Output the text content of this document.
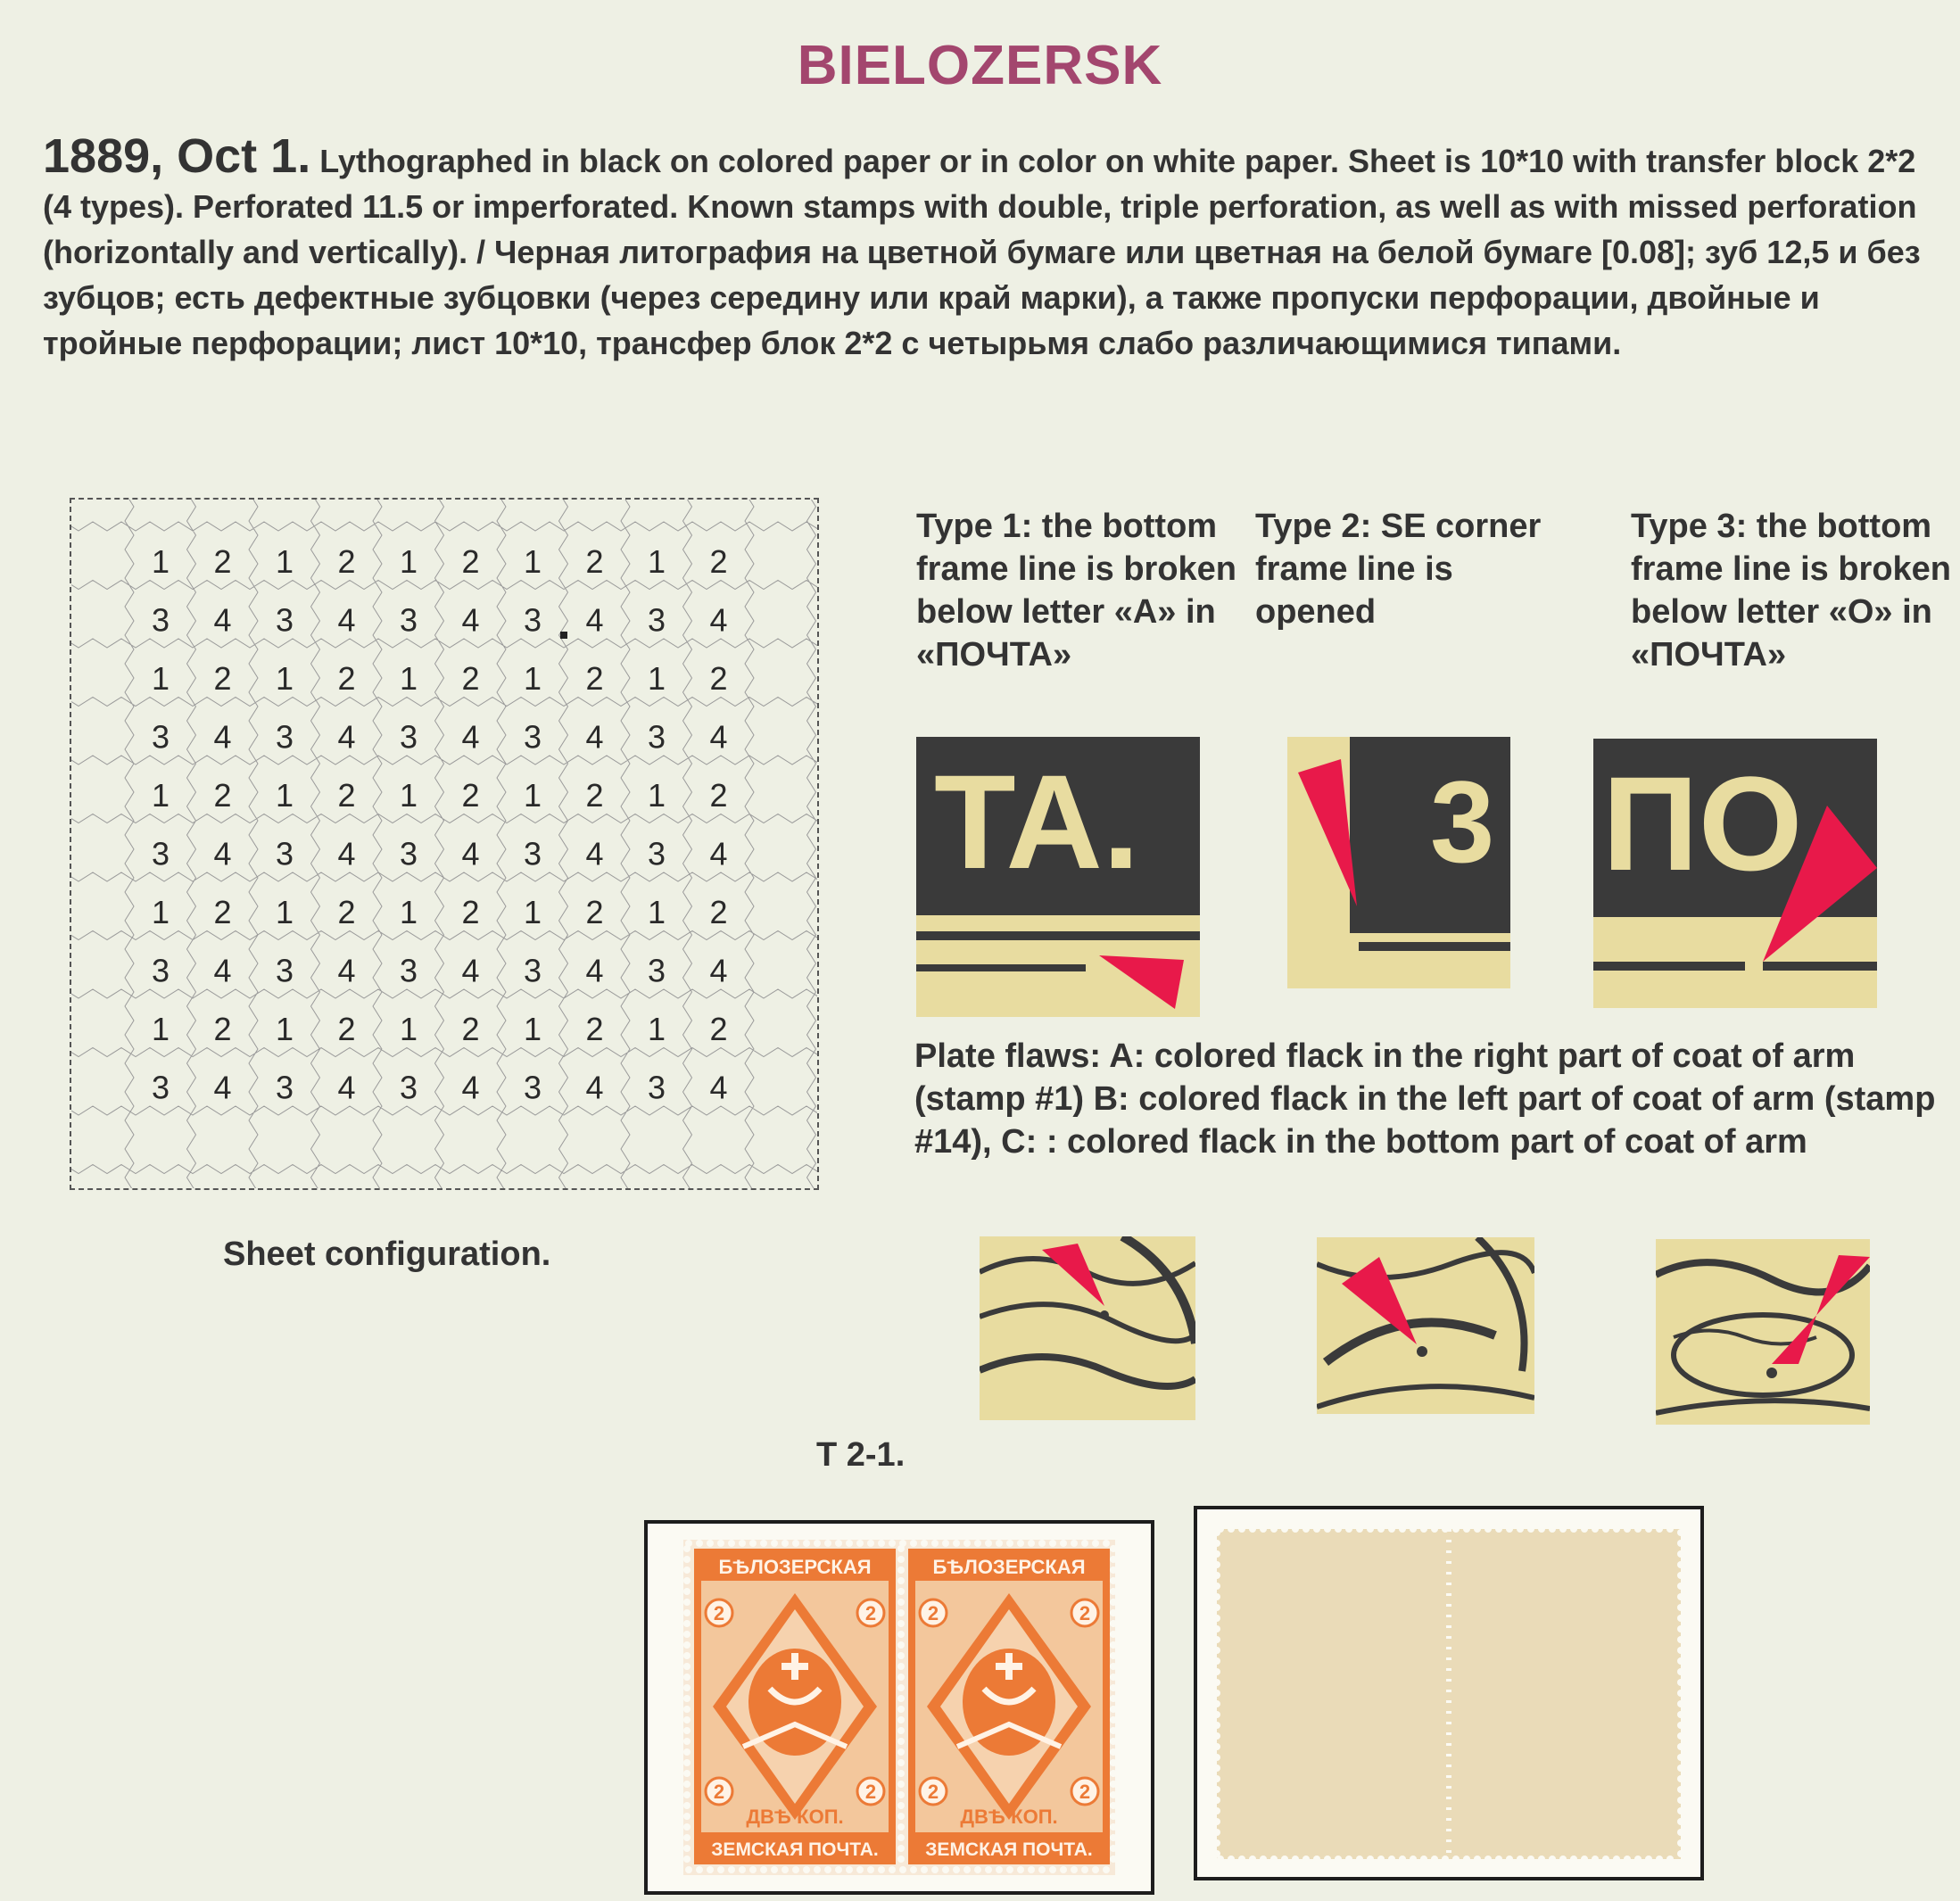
BIELOZERSK
1889, Oct 1. Lythographed in black on colored paper or in color on white paper. Sheet is 10*10 with transfer block 2*2 (4 types). Perforated 11.5 or imperforated. Known stamps with double, triple perforation, as well as with missed perforation (horizontally and vertically). / Черная литография на цветной бумаге или цветная на белой бумаге [0.08]; зуб 12,5 и без зубцов; есть дефектные зубцовки (через середину или край марки), а также пропуски перфорации, двойные и тройные перфорации; лист 10*10, трансфер блок 2*2 с четырьмя слабо различающимися типами.
1 2 1 2 1 2 1 2 1 2
3 4 3 4 3 4 3 4 3 4
1 2 1 2 1 2 1 2 1 2
3 4 3 4 3 4 3 4 3 4
1 2 1 2 1 2 1 2 1 2
3 4 3 4 3 4 3 4 3 4
1 2 1 2 1 2 1 2 1 2
3 4 3 4 3 4 3 4 3 4
1 2 1 2 1 2 1 2 1 2
3 4 3 4 3 4 3 4 3 4
Sheet configuration.
Type 1: the bottom frame line is broken below letter «А» in «ПОЧТА»
Type 2: SE corner frame line is opened
Type 3: the bottom frame line is broken below letter «О» in «ПОЧТА»
TA.	3 ПО
Plate flaws: A: colored flack in the right part of coat of arm (stamp #1) B: colored flack in the left part of coat of arm (stamp #14), C: : colored flack in the bottom part of coat of arm
T 2-1.
БѢЛОЗЕРСКАЯ
2	2
2	2
ДВѢ КОП.
ЗЕМСКАЯ ПОЧТА.
БѢЛОЗЕРСКАЯ
2	2
2	2
ДВѢ КОП.
ЗЕМСКАЯ ПОЧТА.
